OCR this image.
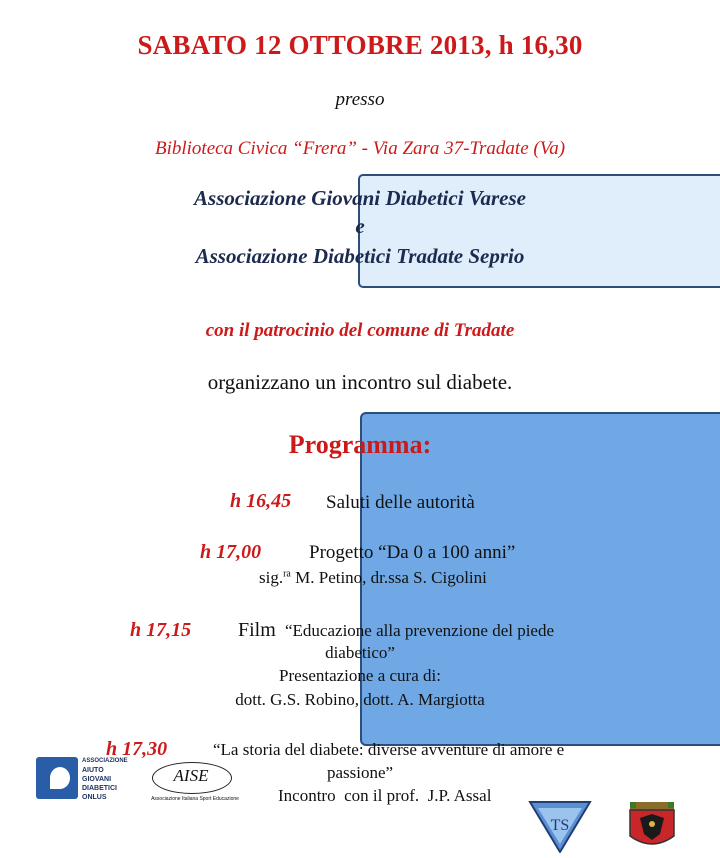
SABATO 12 OTTOBRE 2013, h 16,30
presso
Biblioteca Civica “Frera” - Via Zara 37-Tradate (Va)
Associazione Giovani Diabetici Varese
e
Associazione Diabetici Tradate Seprio
con il patrocinio del comune di Tradate
organizzano un incontro sul diabete.
Programma:
h 16,45 Saluti delle autorità
h 17,00	Progetto “Da 0 a 100 anni”
sig.$^{ra}$ M. Petino, dr.ssa S. Cigolini
h 17,15 Film “Educazione alla prevenzione del piede
diabetico”
Presentazione a cura di:
dott. G.S. Robino, dott. A. Margiotta
h 17,30	“La storia del diabete: diverse avventure di amore e
passione”
Incontro  con il prof.  J.P. Assal
ASSOCIAZIONE
AIUTO
GIOVANI
DIABETICI
ONLUS
AISE
Associazione Italiana Sport Educazione
TS
